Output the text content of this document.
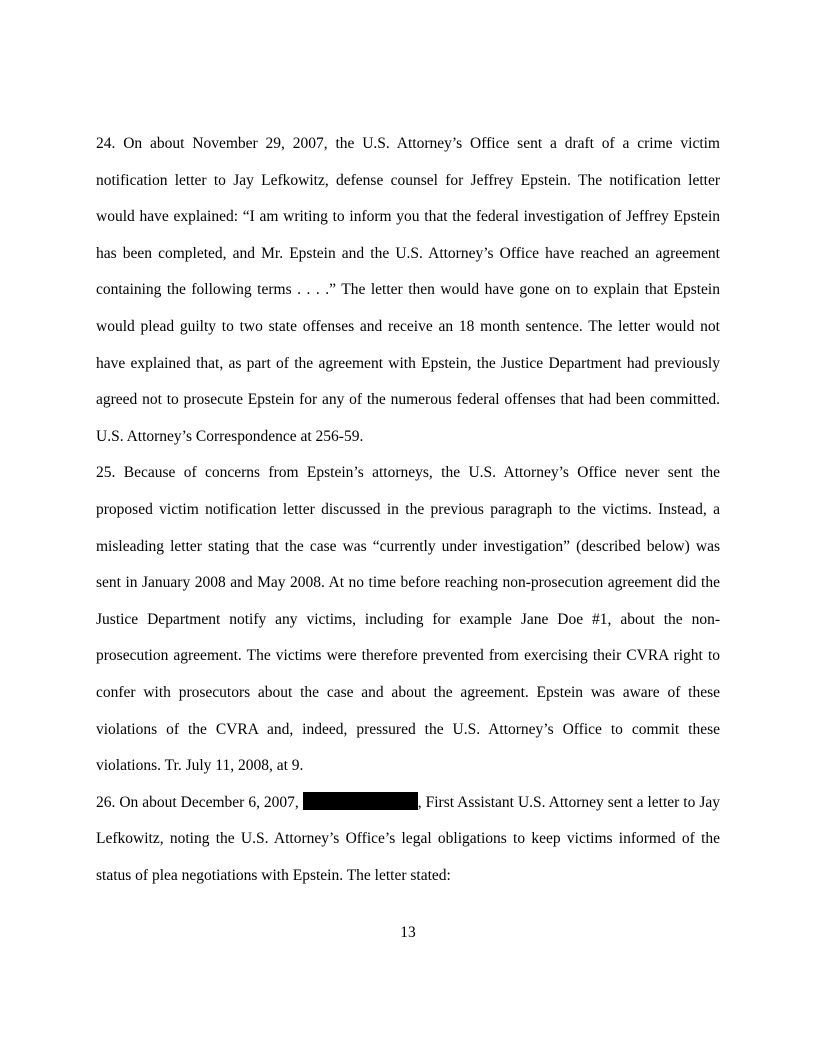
24. On about November 29, 2007, the U.S. Attorney’s Office sent a draft of a crime victim notification letter to Jay Lefkowitz, defense counsel for Jeffrey Epstein. The notification letter would have explained: “I am writing to inform you that the federal investigation of Jeffrey Epstein has been completed, and Mr. Epstein and the U.S. Attorney’s Office have reached an agreement containing the following terms . . . .” The letter then would have gone on to explain that Epstein would plead guilty to two state offenses and receive an 18 month sentence. The letter would not have explained that, as part of the agreement with Epstein, the Justice Department had previously agreed not to prosecute Epstein for any of the numerous federal offenses that had been committed. U.S. Attorney’s Correspondence at 256-59.

25. Because of concerns from Epstein’s attorneys, the U.S. Attorney’s Office never sent the proposed victim notification letter discussed in the previous paragraph to the victims. Instead, a misleading letter stating that the case was “currently under investigation” (described below) was sent in January 2008 and May 2008. At no time before reaching non-prosecution agreement did the Justice Department notify any victims, including for example Jane Doe #1, about the non-prosecution agreement. The victims were therefore prevented from exercising their CVRA right to confer with prosecutors about the case and about the agreement. Epstein was aware of these violations of the CVRA and, indeed, pressured the U.S. Attorney’s Office to commit these violations. Tr. July 11, 2008, at 9.

26. On about December 6, 2007,	, First Assistant U.S. Attorney sent a letter to Jay Lefkowitz, noting the U.S. Attorney’s Office’s legal obligations to keep victims informed of the status of plea negotiations with Epstein. The letter stated:

13
